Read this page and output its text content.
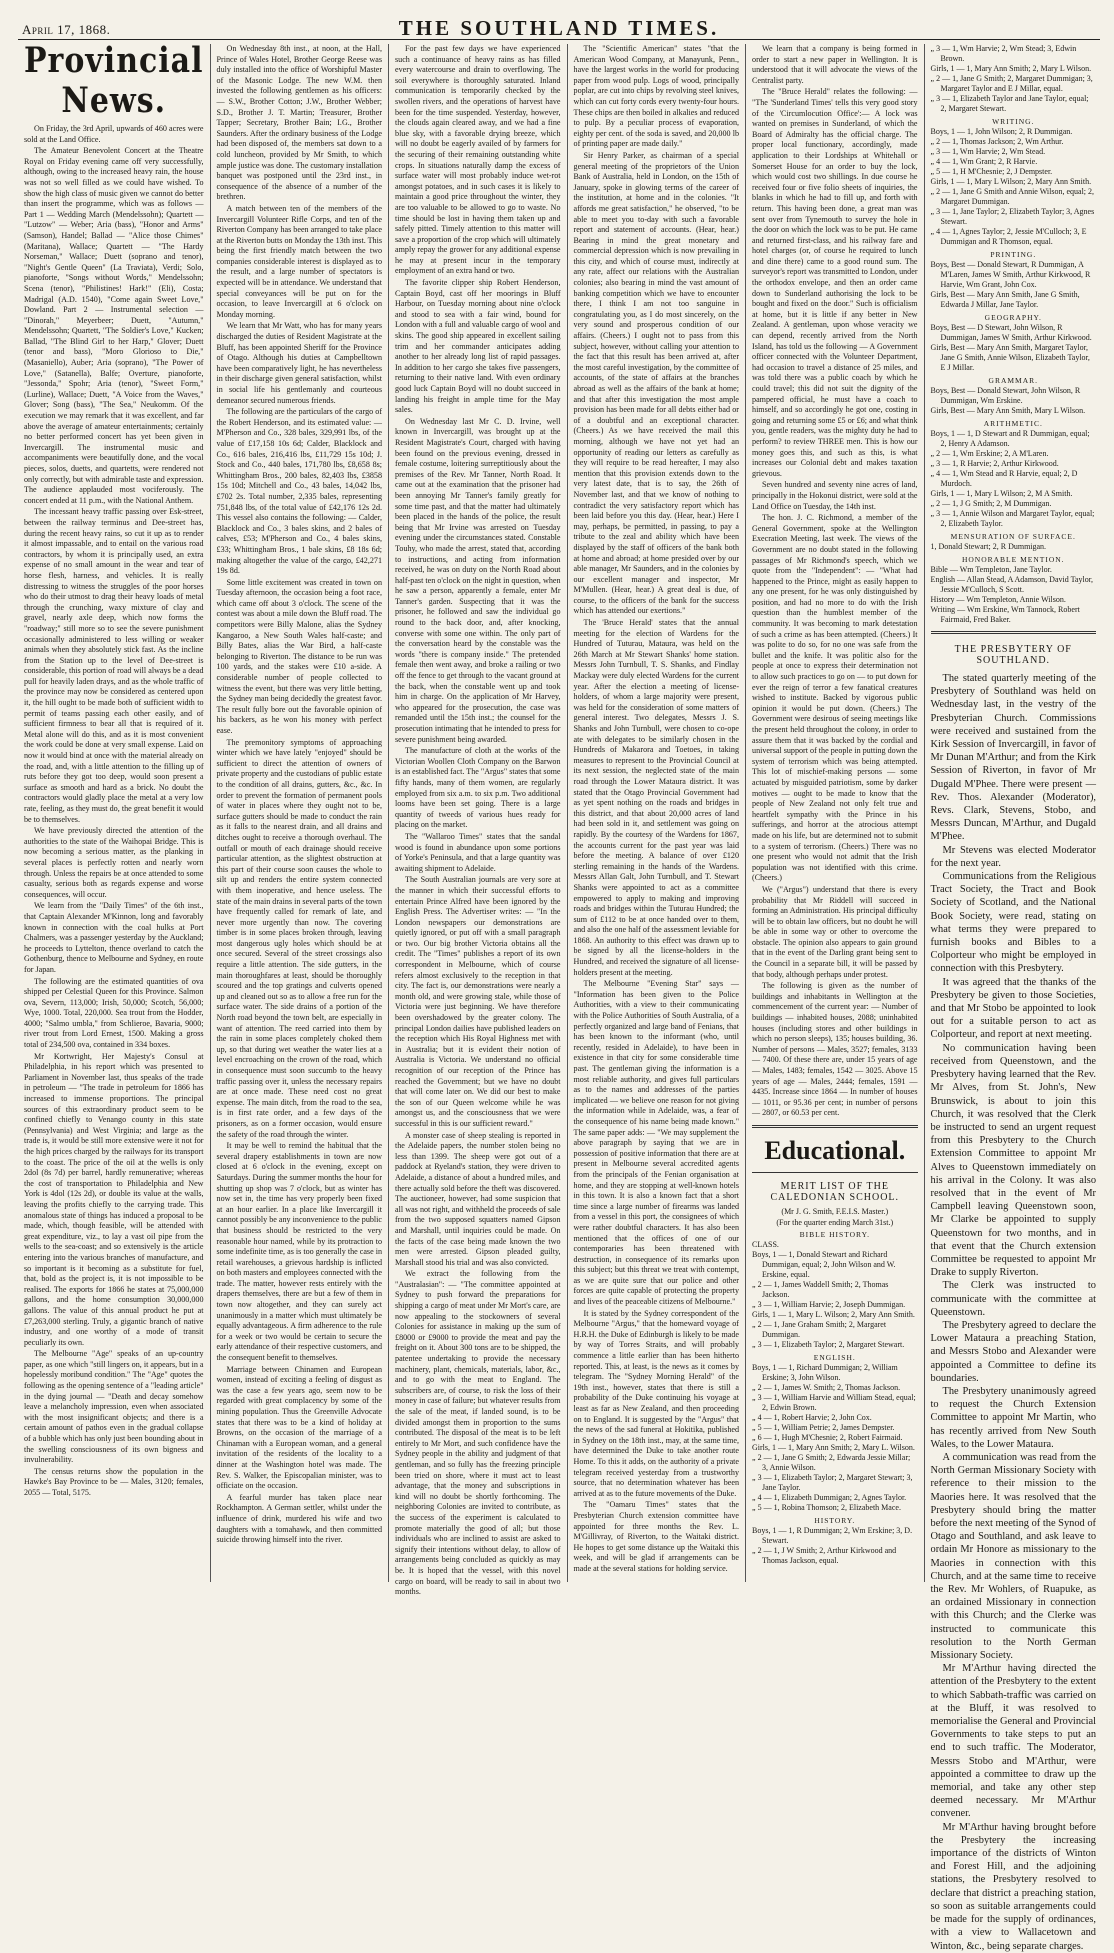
April 17, 1868.	THE SOUTHLAND TIMES.
Provincial News.
On Friday, the 3rd April, upwards of 460 acres were sold at the Land Office.
The Amateur Benevolent Concert at the Theatre Royal on Friday evening came off very successfully, although, owing to the increased heavy rain, the house was not so well filled as we could have wished. To show the high class of music given we cannot do better than insert the programme, which was as follows — Part 1 — Wedding March (Mendelssohn); Quartett — "Lutzow" — Weber; Aria (bass), "Honor and Arms" (Samson), Handel; Ballad — "Alice those Chimes" (Maritana), Wallace; Quartett — "The Hardy Norseman," Wallace; Duett (soprano and tenor), "Night's Gentle Queen" (La Traviata), Verdi; Solo, pianoforte, "Songs without Words," Mendelssohn; Scena (tenor), "Philistines! Hark!" (Eli), Costa; Madrigal (A.D. 1540), "Come again Sweet Love," Dowland. Part 2 — Instrumental selection — "Dinorah," Meyerbeer; Duett, "Autumn," Mendelssohn; Quartett, "The Soldier's Love," Kucken; Ballad, "The Blind Girl to her Harp," Glover; Duett (tenor and bass), "Moro Glorioso to Die," (Masaniello), Auber; Aria (soprano), "The Power of Love," (Satanella), Balfe; Overture, pianoforte, "Jessonda," Spohr; Aria (tenor), "Sweet Form," (Lurline), Wallace; Duett, "A Voice from the Waves," Glover; Song (bass), "The Sea," Neukomm. Of the execution we may remark that it was excellent, and far above the average of amateur entertainments; certainly no better performed concert has yet been given in Invercargill. The instrumental music and accompaniments were beautifully done, and the vocal pieces, solos, duetts, and quartetts, were rendered not only correctly, but with admirable taste and expression. The audience applauded most vociferously. The concert ended at 11 p.m., with the National Anthem.
The incessant heavy traffic passing over Esk-street, between the railway terminus and Dee-street has, during the recent heavy rains, so cut it up as to render it almost impassable, and to entail on the various road contractors, by whom it is principally used, an extra expense of no small amount in the wear and tear of horse flesh, harness, and vehicles. It is really distressing to witness the struggles of the poor horses who do their utmost to drag their heavy loads of metal through the crunching, waxy mixture of clay and gravel, nearly axle deep, which now forms the "roadway;" still more so to see the severe punishment occasionally administered to less willing or weaker animals when they absolutely stick fast. As the incline from the Station up to the level of Dee-street is considerable, this portion of road will always be a dead pull for heavily laden drays, and as the whole traffic of the province may now be considered as centered upon it, the hill ought to be made both of sufficient width to permit of teams passing each other easily, and of sufficient firmness to bear all that is required of it. Metal alone will do this, and as it is most convenient the work could be done at very small expense. Laid on now it would bind at once with the material already on the road, and, with a little attention to the filling up of ruts before they got too deep, would soon present a surface as smooth and hard as a brick. No doubt the contractors would gladly place the metal at a very low rate, feeling, as they must do, the great benefit it would be to themselves.
We have previously directed the attention of the authorities to the state of the Waihopai Bridge. This is now becoming a serious matter, as the planking in several places is perfectly rotten and nearly worn through. Unless the repairs be at once attended to some casualty, serious both as regards expense and worse consequences, will occur.
We learn from the "Daily Times" of the 6th inst., that Captain Alexander M'Kinnon, long and favorably known in connection with the coal hulks at Port Chalmers, was a passenger yesterday by the Auckland; he proceeds to Lyttelton, thence overland to catch the Gothenburg, thence to Melbourne and Sydney, en route for Japan.
The following are the estimated quantities of ova shipped per Celestial Queen for this Province. Salmon ova, Severn, 113,000; Irish, 50,000; Scotch, 56,000; Wye, 1000. Total, 220,000. Sea trout from the Hodder, 4000; "Salmo umbla," from Schlieroe, Bavaria, 9000; river trout from Lord Ernest, 1500. Making a gross total of 234,500 ova, contained in 334 boxes.
Mr Kortwright, Her Majesty's Consul at Philadelphia, in his report which was presented to Parliament in November last, thus speaks of the trade in petroleum — "The trade in petroleum for 1866 has increased to immense proportions. The principal sources of this extraordinary product seem to be confined chiefly to Venango county in this state (Pennsylvania) and West Virginia; and large as the trade is, it would be still more extensive were it not for the high prices charged by the railways for its transport to the coast. The price of the oil at the wells is only 2dol (8s 7d) per barrel, hardly remunerative; whereas the cost of transportation to Philadelphia and New York is 4dol (12s 2d), or double its value at the walls, leaving the profits chiefly to the carrying trade. This anomalous state of things has induced a proposal to be made, which, though feasible, will be attended with great expenditure, viz., to lay a vast oil pipe from the wells to the sea-coast; and so extensively is the article entering into the various branches of manufacture, and so important is it becoming as a substitute for fuel, that, bold as the project is, it is not impossible to be realised. The exports for 1866 he states at 75,000,000 gallons, and the home consumption 30,000,000 gallons. The value of this annual product he put at £7,263,000 sterling. Truly, a gigantic branch of native industry, and one worthy of a mode of transit peculiarly its own.
The Melbourne "Age" speaks of an up-country paper, as one which "still lingers on, it appears, but in a hopelessly moribund condition." The "Age" quotes the following as the opening sentence of a "leading article" in the dying journal — "Death and decay somehow leave a melancholy impression, even when associated with the most insignificant objects; and there is a certain amount of pathos even in the gradual collapse of a bubble which has only just been bounding about in the swelling consciousness of its own bigness and invulnerability.
The census returns show the population in the Hawke's Bay Province to be — Males, 3120; females, 2055 — Total, 5175.
On Wednesday 8th inst., at noon, at the Hall, Prince of Wales Hotel, Brother George Reese was duly installed into the office of Worshipful Master of the Masonic Lodge. The new W.M. then invested the following gentlemen as his officers: — S.W., Brother Cotton; J.W., Brother Webber; S.D., Brother J. T. Martin; Treasurer, Brother Tapper; Secretary, Brother Bain; I.G., Brother Saunders. After the ordinary business of the Lodge had been disposed of, the members sat down to a cold luncheon, provided by Mr Smith, to which ample justice was done. The customary installation banquet was postponed until the 23rd inst., in consequence of the absence of a number of the brethren.
A match between ten of the members of the Invercargill Volunteer Rifle Corps, and ten of the Riverton Company has been arranged to take place at the Riverton butts on Monday the 13th inst. This being the first friendly match between the two companies considerable interest is displayed as to the result, and a large number of spectators is expected will be in attendance. We understand that special conveyances will be put on for the occasion, to leave Invercargill at 6 o'clock on Monday morning.
We learn that Mr Watt, who has for many years discharged the duties of Resident Magistrate at the Bluff, has been appointed Sheriff for the Province of Otago. Although his duties at Campbelltown have been comparatively light, he has nevertheless in their discharge given general satisfaction, whilst in social life his gentlemanly and courteous demeanor secured numerous friends.
The following are the particulars of the cargo of the Robert Henderson, and its estimated value: — M'Pherson and Co., 328 bales, 329,991 lbs, of the value of £17,158 10s 6d; Calder, Blacklock and Co., 616 bales, 216,416 lbs, £11,729 15s 10d; J. Stock and Co., 440 bales, 171,780 lbs, £8,658 8s; Whittingham Bros., 200 bales, 82,403 lbs, £3858 15s 10d; Mitchell and Co., 43 bales, 14,042 lbs, £702 2s. Total number, 2,335 bales, representing 751,848 lbs, of the total value of £42,176 12s 2d. This vessel also contains the following: — Calder, Blacklock and Co., 3 bales skins, and 2 bales of calves, £53; M'Pherson and Co., 4 bales skins, £33; Whittingham Bros., 1 bale skins, £8 18s 6d; making altogether the value of the cargo, £42,271 19s 8d.
Some little excitement was created in town on Tuesday afternoon, the occasion being a foot race, which came off about 3 o'clock. The scene of the contest was about a mile down the Bluff road. The competitors were Billy Malone, alias the Sydney Kangaroo, a New South Wales half-caste; and Billy Bates, alias the War Bird, a half-caste belonging to Riverton. The distance to be run was 100 yards, and the stakes were £10 a-side. A considerable number of people collected to witness the event, but there was very little betting, the Sydney man being decidedly the greatest favor. The result fully bore out the favorable opinion of his backers, as he won his money with perfect ease.
The premonitory symptoms of approaching winter which we have lately "enjoyed" should be sufficient to direct the attention of owners of private property and the custodians of public estate to the condition of all drains, gutters, &c., &c. In order to prevent the formation of permanent pools of water in places where they ought not to be, surface gutters should be made to conduct the rain as it falls to the nearest drain, and all drains and ditches ought to receive a thorough overhaul. The outfall or mouth of each drainage should receive particular attention, as the slightest obstruction at this part of their course soon causes the whole to silt up and renders the entire system connected with them inoperative, and hence useless. The state of the main drains in several parts of the town have frequently called for remark of late, and never more urgently than now. The covering timber is in some places broken through, leaving most dangerous ugly holes which should be at once secured. Several of the street crossings also require a little attention. The side gutters, in the main thoroughfares at least, should be thoroughly scoured and the top gratings and culverts opened up and cleaned out so as to allow a free run for the surface water. The side drains of a portion of the North road beyond the town belt, are especially in want of attention. The reed carried into them by the rain in some places completely choked them up, so that during wet weather the water lies at a level encroaching on the crown of the road, which in consequence must soon succumb to the heavy traffic passing over it, unless the necessary repairs are at once made. These need cost no great expense. The main ditch, from the road to the sea, is in first rate order, and a few days of the prisoners, as on a former occasion, would ensure the safety of the road through the winter.
It may be well to remind the habitual that the several drapery establishments in town are now closed at 6 o'clock in the evening, except on Saturdays. During the summer months the hour for shutting up shop was 7 o'clock, but as winter has now set in, the time has very properly been fixed at an hour earlier. In a place like Invercargill it cannot possibly be any inconvenience to the public that business should be restricted to the very reasonable hour named, while by its protraction to some indefinite time, as is too generally the case in retail warehouses, a grievous hardship is inflicted on both masters and employees connected with the trade. The matter, however rests entirely with the drapers themselves, there are but a few of them in town now altogether, and they can surely act unanimously in a matter which must ultimately be equally advantageous. A firm adherence to the rule for a week or two would be certain to secure the early attendance of their respective customers, and the consequent benefit to themselves.
Marriage between Chinamen and European women, instead of exciting a feeling of disgust as was the case a few years ago, seem now to be regarded with great complacency by some of the mining population. Thus the Greenville Advocate states that there was to be a kind of holiday at Browns, on the occasion of the marriage of a Chinaman with a European woman, and a general invitation of the residents of the locality to a dinner at the Washington hotel was made. The Rev. S. Walker, the Episcopalian minister, was to officiate on the occasion.
A fearful murder has taken place near Rockhampton. A German settler, whilst under the influence of drink, murdered his wife and two daughters with a tomahawk, and then committed suicide throwing himself into the river.
For the past few days we have experienced such a continuance of heavy rains as has filled every watercourse and drain to overflowing. The soil everywhere is thoroughly saturated. Inland communication is temporarily checked by the swollen rivers, and the operations of harvest have been for the time suspended. Yesterday, however, the clouds again cleared away, and we had a fine blue sky, with a favorable drying breeze, which will no doubt be eagerly availed of by farmers for the securing of their remaining outstanding white crops. In situations naturally damp the excess of surface water will most probably induce wet-rot amongst potatoes, and in such cases it is likely to maintain a good price throughout the winter, they are too valuable to be allowed to go to waste. No time should be lost in having them taken up and safely pitted. Timely attention to this matter will save a proportion of the crop which will ultimately amply repay the grower for any additional expense he may at present incur in the temporary employment of an extra hand or two.
The favorite clipper ship Robert Henderson, Captain Boyd, cast off her moorings in Bluff Harbour, on Tuesday morning about nine o'clock and stood to sea with a fair wind, bound for London with a full and valuable cargo of wool and skins. The good ship appeared in excellent sailing trim and her commander anticipates adding another to her already long list of rapid passages. In addition to her cargo she takes five passengers, returning to their native land. With even ordinary good luck Captain Boyd will no doubt succeed in landing his freight in ample time for the May sales.
On Wednesday last Mr C. D. Irvine, well known in Invercargill, was brought up at the Resident Magistrate's Court, charged with having been found on the previous evening, dressed in female costume, loitering surreptitiously about the premises of the Rev. Mr Tanner, North Road. It came out at the examination that the prisoner had been annoying Mr Tanner's family greatly for some time past, and that the matter had ultimately been placed in the hands of the police, the result being that Mr Irvine was arrested on Tuesday evening under the circumstances stated. Constable Touhy, who made the arrest, stated that, according to instructions, and acting from information received, he was on duty on the North Road about half-past ten o'clock on the night in question, when he saw a person, apparently a female, enter Mr Tanner's garden. Suspecting that it was the prisoner, he followed and saw the individual go round to the back door, and, after knocking, converse with some one within. The only part of the conversation heard by the constable was the words "there is company inside." The pretended female then went away, and broke a railing or two off the fence to get through to the vacant ground at the back, when the constable went up and took him in charge. On the application of Mr Harvey, who appeared for the prosecution, the case was remanded until the 15th inst.; the counsel for the prosecution intimating that he intended to press for severe punishment being awarded.
The manufacture of cloth at the works of the Victorian Woollen Cloth Company on the Barwon is an established fact. The "Argus" states that some fifty hands, many of them women, are regularly employed from six a.m. to six p.m. Two additional looms have been set going. There is a large quantity of tweeds of various hues ready for placing on the market.
The "Wallaroo Times" states that the sandal wood is found in abundance upon some portions of Yorke's Peninsula, and that a large quantity was awaiting shipment to Adelaide.
The South Australian journals are very sore at the manner in which their successful efforts to entertain Prince Alfred have been ignored by the English Press. The Advertiser writes: — "In the London newspapers our demonstrations are quietly ignored, or put off with a small paragraph or two. Our big brother Victoria obtains all the credit. The "Times" publishes a report of its own correspondent in Melbourne, which of course refers almost exclusively to the reception in that city. The fact is, our demonstrations were nearly a month old, and were growing stale, while those of Victoria were just beginning. We have therefore been overshadowed by the greater colony. The principal London dailies have published leaders on the reception which His Royal Highness met with in Australia; but it is evident their notion of Australia is Victoria. We understand no official recognition of our reception of the Prince has reached the Government; but we have no doubt that will come later on. We did our best to make the son of our Queen welcome while he was amongst us, and the consciousness that we were successful in this is our sufficient reward."
A monster case of sheep stealing is reported in the Adelaide papers, the number stolen being no less than 1399. The sheep were got out of a paddock at Ryeland's station, they were driven to Adelaide, a distance of about a hundred miles, and there actually sold before the theft was discovered. The auctioneer, however, had some suspicion that all was not right, and withheld the proceeds of sale from the two supposed squatters named Gipson and Marshall, until inquiries could be made. On the facts of the case being made known the two men were arrested. Gipson pleaded guilty, Marshall stood his trial and was also convicted.
We extract the following from the "Australasian": — "The committee appointed at Sydney to push forward the preparations for shipping a cargo of meat under Mr Mort's care, are now appealing to the stockowners of several Colonies for assistance in making up the sum of £8000 or £9000 to provide the meat and pay the freight on it. About 300 tons are to be shipped, the patentee undertaking to provide the necessary machinery, plant, chemicals, materials, labor, &c., and to go with the meat to England. The subscribers are, of course, to risk the loss of their money in case of failure; but whatever results from the sale of the meat, if landed sound, is to be divided amongst them in proportion to the sums contributed. The disposal of the meat is to be left entirely to Mr Mort, and such confidence have the Sydney people in the ability and judgment of that gentleman, and so fully has the freezing principle been tried on shore, where it must act to least advantage, that the money and subscriptions in kind will no doubt be shortly forthcoming. The neighboring Colonies are invited to contribute, as the success of the experiment is calculated to promote materially the good of all; but those individuals who are inclined to assist are asked to signify their intentions without delay, to allow of arrangements being concluded as quickly as may be. It is hoped that the vessel, with this novel cargo on board, will be ready to sail in about two months.
The "Scientific American" states "that the American Wood Company, at Manayunk, Penn., have the largest works in the world for producing paper from wood pulp. Logs of wood, principally poplar, are cut into chips by revolving steel knives, which can cut forty cords every twenty-four hours. These chips are then boiled in alkalies and reduced to pulp. By a peculiar process of evaporation, eighty per cent. of the soda is saved, and 20,000 lb of printing paper are made daily."
Sir Henry Parker, as chairman of a special general meeting of the proprietors of the Union Bank of Australia, held in London, on the 15th of January, spoke in glowing terms of the career of the institution, at home and in the colonies. "It affords me great satisfaction," he observed, "to be able to meet you to-day with such a favorable report and statement of accounts. (Hear, hear.) Bearing in mind the great monetary and commercial depression which is now prevailing in this city, and which of course must, indirectly at any rate, affect our relations with the Australian colonies; also bearing in mind the vast amount of banking competition which we have to encounter there, I think I am not too sanguine in congratulating you, as I do most sincerely, on the very sound and prosperous condition of our affairs. (Cheers.) I ought not to pass from this subject, however, without calling your attention to the fact that this result has been arrived at, after the most careful investigation, by the committee of accounts, of the state of affairs at the branches abroad as well as the affairs of the bank at home; and that after this investigation the most ample provision has been made for all debts either bad or of a doubtful and an exceptional character. (Cheers.) As we have received the mail this morning, although we have not yet had an opportunity of reading our letters as carefully as they will require to be read hereafter, I may also mention that this provision extends down to the very latest date, that is to say, the 26th of November last, and that we know of nothing to contradict the very satisfactory report which has been laid before you this day. (Hear, hear.) Here I may, perhaps, be permitted, in passing, to pay a tribute to the zeal and ability which have been displayed by the staff of officers of the bank both at home and abroad; at home presided over by our able manager, Mr Saunders, and in the colonies by our excellent manager and inspector, Mr M'Mullen. (Hear, hear.) A great deal is due, of course, to the officers of the bank for the success which has attended our exertions."
The 'Bruce Herald' states that the annual meeting for the election of Wardens for the Hundred of Tuturau, Mataura, was held on the 26th March at Mr Stewart Shanks' home station. Messrs John Turnbull, T. S. Shanks, and Findlay Mackay were duly elected Wardens for the current year. After the election a meeting of license-holders, of whom a large majority were present, was held for the consideration of some matters of general interest. Two delegates, Messrs J. S. Shanks and John Turnbull, were chosen to co-ope ate with delegates to be similarly chosen in the Hundreds of Makarora and Toetoes, in taking measures to represent to the Provincial Council at its next session, the neglected state of the main road through the Lower Mataura district. It was stated that the Otago Provincial Government had as yet spent nothing on the roads and bridges in this district, and that about 20,000 acres of land had been sold in it, and settlement was going on rapidly. By the courtesy of the Wardens for 1867, the accounts current for the past year was laid before the meeting. A balance of over £120 sterling remaining in the hands of the Wardens. Messrs Allan Galt, John Turnbull, and T. Stewart Shanks were appointed to act as a committee empowered to apply to making and improving roads and bridges within the Tuturau Hundred; the sum of £112 to be at once handed over to them, and also the one half of the assessment leviable for 1868. An authority to this effect was drawn up to be signed by all the license-holders in the Hundred, and received the signature of all license-holders present at the meeting.
The Melbourne "Evening Star" says — "Information has been given to the Police Authorities, with a view to their communicating with the Police Authorities of South Australia, of a perfectly organized and large band of Fenians, that has been known to the informant (who, until recently, resided in Adelaide), to have been in existence in that city for some considerable time past. The gentleman giving the information is a most reliable authority, and gives full particulars as to the names and addresses of the parties implicated — we believe one reason for not giving the information while in Adelaide, was, a fear of the consequence of his name being made known." The same paper adds: — "We may supplement the above paragraph by saying that we are in possession of positive information that there are at present in Melbourne several accredited agents from the principals of the Fenian organisation at home, and they are stopping at well-known hotels in this town. It is also a known fact that a short time since a large number of firearms was landed from a vessel in this port, the consignees of which were rather doubtful characters. It has also been mentioned that the offices of one of our contemporaries has been threatened with destruction, in consequence of its remarks upon this subject; but this threat we treat with contempt, as we are quite sure that our police and other forces are quite capable of protecting the property and lives of the peaceable citizens of Melbourne."
It is stated by the Sydney correspondent of the Melbourne "Argus," that the homeward voyage of H.R.H. the Duke of Edinburgh is likely to be made by way of Torres Straits, and will probably commence a little earlier than has been hitherto reported. This, at least, is the news as it comes by telegram. The "Sydney Morning Herald" of the 19th inst., however, states that there is still a probability of the Duke continuing his voyage at least as far as New Zealand, and then proceeding on to England. It is suggested by the "Argus" that the news of the sad funeral at Hokitika, published in Sydney on the 18th inst., may, at the same time, have determined the Duke to take another route Home. To this it adds, on the authority of a private telegram received yesterday from a trustworthy source, that no determination whatever has been arrived at as to the future movements of the Duke.
The "Oamaru Times" states that the Presbyterian Church extension committee have appointed for three months the Rev. L. M'Gillivray, of Riverton, to the Waitaki district. He hopes to get some distance up the Waitaki this week, and will be glad if arrangements can be made at the several stations for holding service.
We learn that a company is being formed in order to start a new paper in Wellington. It is understood that it will advocate the views of the Centralist party.
The "Bruce Herald" relates the following: — "The 'Sunderland Times' tells this very good story of the 'Circumlocution Office':— A lock was wanted on premises in Sunderland, of which the Board of Admiralty has the official charge. The proper local functionary, accordingly, made application to their Lordships at Whitehall or Somerset House for an order to buy the lock, which would cost two shillings. In due course he received four or five folio sheets of inquiries, the blanks in which he had to fill up, and forth with return. This having been done, a great man was sent over from Tynemouth to survey the hole in the door on which the lock was to be put. He came and returned first-class, and his railway fare and hotel charges (or, of course he required to lunch and dine there) came to a good round sum. The surveyor's report was transmitted to London, under the orthodox envelope, and then an order came down to Sunderland authorising the lock to be bought and fixed on the door." Such is officialism at home, but it is little if any better in New Zealand. A gentleman, upon whose veracity we can depend, recently arrived from the North Island, has told us the following — A Government officer connected with the Volunteer Department, had occasion to travel a distance of 25 miles, and was told there was a public coach by which he could travel; this did not suit the dignity of the pampered official, he must have a coach to himself, and so accordingly he got one, costing in going and returning some £5 or £6; and what think you, gentle readers, was the mighty duty he had to perform? to review THREE men. This is how our money goes this, and such as this, is what increases our Colonial debt and makes taxation grievous.
Seven hundred and seventy nine acres of land, principally in the Hokonui district, were sold at the Land Office on Tuesday, the 14th inst.
The hon. J. C. Richmond, a member of the General Government, spoke at the Wellington Execration Meeting, last week. The views of the Government are no doubt stated in the following passages of Mr Richmond's speech, which we quote from the "Independent": — "What had happened to the Prince, might as easily happen to any one present, for he was only distinguished by position, and had no more to do with the Irish question than the humblest member of the community. It was becoming to mark detestation of such a crime as has been attempted. (Cheers.) It was polite to do so, for no one was safe from the bullet and the knife. It was politic also for the people at once to express their determination not to allow such practices to go on — to put down for ever the reign of terror a few fanatical creatures wished to institute. Backed by vigorous public opinion it would be put down. (Cheers.) The Government were desirous of seeing meetings like the present held throughout the colony, in order to assure them that it was backed by the cordial and universal support of the people in putting down the system of terrorism which was being attempted. This lot of mischief-making persons — some actuated by misguided patriotism, some by darker motives — ought to be made to know that the people of New Zealand not only felt true and heartfelt sympathy with the Prince in his sufferings, and horror at the atrocious attempt made on his life, but are determined not to submit to a system of terrorism. (Cheers.) There was no one present who would not admit that the Irish population was not identified with this crime. (Cheers.)
We ("Argus") understand that there is every probability that Mr Riddell will succeed in forming an Administration. His principal difficulty will be to obtain law officers, but no doubt he will be able in some way or other to overcome the obstacle. The opinion also appears to gain ground that in the event of the Darling grant being sent to the Council in a separate bill, it will be passed by that body, although perhaps under protest.
The following is given as the number of buildings and inhabitants in Wellington at the commencement of the current year: — Number of buildings — inhabited houses, 2088; uninhabited houses (including stores and other buildings in which no person sleeps), 135; houses building, 36. Number of persons — Males, 3527; females, 3133 — 7400. Of these there are, under 15 years of age — Males, 1483; females, 1542 — 3025. Above 15 years of age — Males, 2444; females, 1591 — 4435. Increase since 1864 — In number of houses — 1011, or 95.36 per cent; in number of persons — 2807, or 60.53 per cent.
Educational.
MERIT LIST OF THE CALEDONIAN SCHOOL.
(Mr J. G. Smith, F.E.I.S. Master.)
(For the quarter ending March 31st.)
BIBLE HISTORY.
CLASS.
Boys, 1 — 1, Donald Stewart and Richard Dummigan, equal; 2, John Wilson and W. Erskine, equal.
„ 2 — 1, James Waddell Smith; 2, Thomas Jackson.
„ 3 — 1, William Harvie; 2, Joseph Dummigan.
Girls, 1 — 1, Mary L. Wilson; 2, Mary Ann Smith.
„ 2 — 1, Jane Graham Smith; 2, Margaret Dummigan.
„ 3 — 1, Elizabeth Taylor; 2, Margaret Stewart.
ENGLISH.
Boys, 1 — 1, Richard Dummigan; 2, William Erskine; 3, John Wilson.
„ 2 — 1, James W. Smith; 2, Thomas Jackson.
„ 3 — 1, William Harvie and William Stead, equal; 2, Edwin Brown.
„ 4 — 1, Robert Harvie; 2, John Cox.
„ 5 — 1, William Petrie; 2, James Dempster.
„ 6 — 1, Hugh M'Chesnie; 2, Robert Fairmaid.
Girls, 1 — 1, Mary Ann Smith; 2, Mary L. Wilson.
„ 2 — 1, Jane G Smith; 2, Edwarda Jessie Millar; 3, Annie Wilson.
„ 3 — 1, Elizabeth Taylor; 2, Margaret Stewart; 3, Jane Taylor.
„ 4 — 1, Elizabeth Dummigan; 2, Agnes Taylor.
„ 5 — 1, Robina Thomson; 2, Elizabeth Mace.
HISTORY.
Boys, 1 — 1, R Dummigan; 2, Wm Erskine; 3, D. Stewart.
„ 2 — 1, J W Smith; 2, Arthur Kirkwood and Thomas Jackson, equal.
„ 3 — 1, Wm Harvie; 2, Wm Stead; 3, Edwin Brown.
Girls, 1 — 1, Mary Ann Smith; 2, Mary L Wilson.
„ 2 — 1, Jane G Smith; 2, Margaret Dummigan; 3, Margaret Taylor and E J Millar, equal.
„ 3 — 1, Elizabeth Taylor and Jane Taylor, equal; 2, Margaret Stewart.
WRITING.
Boys, 1 — 1, John Wilson; 2, R Dummigan.
„ 2 — 1, Thomas Jackson; 2, Wm Arthur.
„ 3 — 1, Wm Harvie; 2, Wm Stead.
„ 4 — 1, Wm Grant; 2, R Harvie.
„ 5 — 1, H M'Chesnie; 2, J Dempster.
Girls, 1 — 1, Mary L Wilson; 2, Mary Ann Smith.
„ 2 — 1, Jane G Smith and Annie Wilson, equal; 2, Margaret Dummigan.
„ 3 — 1, Jane Taylor; 2, Elizabeth Taylor; 3, Agnes Stewart.
„ 4 — 1, Agnes Taylor; 2, Jessie M'Culloch; 3, E Dummigan and R Thomson, equal.
PRINTING.
Boys, Best — Donald Stewart, R Dummigan, A M'Laren, James W Smith, Arthur Kirkwood, R Harvie, Wm Grant, John Cox.
Girls, Best — Mary Ann Smith, Jane G Smith, Edwarda J Millar, Jane Taylor.
GEOGRAPHY.
Boys, Best — D Stewart, John Wilson, R Dummigan, James W Smith, Arthur Kirkwood.
Girls, Best — Mary Ann Smith, Margaret Taylor, Jane G Smith, Annie Wilson, Elizabeth Taylor, E J Millar.
GRAMMAR.
Boys, Best — Donald Stewart, John Wilson, R Dummigan, Wm Erskine.
Girls, Best — Mary Ann Smith, Mary L Wilson.
ARITHMETIC.
Boys, 1 — 1, D Stewart and R Dummigan, equal; 2, Henry A Adamson.
„ 2 — 1, Wm Erskine; 2, A M'Laren.
„ 3 — 1, R Harvie; 2, Arthur Kirkwood.
„ 4 — 1, Wm Stead and R Harvie, equal; 2, D Murdoch.
Girls, 1 — 1, Mary L Wilson; 2, M A Smith.
„ 2 — 1, J G Smith; 2, M Dummigan.
„ 3 — 1, Annie Wilson and Margaret Taylor, equal; 2, Elizabeth Taylor.
MENSURATION OF SURFACE.
1, Donald Stewart; 2, R Dummigan.
HONORABLE MENTION.
Bible — Wm Templeton, Jane Taylor.
English — Allan Stead, A Adamson, David Taylor, Jessie M'Culloch, S Scott.
History — Wm Templeton, Annie Wilson.
Writing — Wm Erskine, Wm Tannock, Robert Fairmaid, Fred Baker.
THE PRESBYTERY OF SOUTHLAND.
The stated quarterly meeting of the Presbytery of Southland was held on Wednesday last, in the vestry of the Presbyterian Church. Commissions were received and sustained from the Kirk Session of Invercargill, in favor of Mr Dunan M'Arthur; and from the Kirk Session of Riverton, in favor of Mr Dugald M'Phee. There were present — Rev. Thos. Alexander (Moderator), Revs. Clark, Stevens, Stobo, and Messrs Duncan, M'Arthur, and Dugald M'Phee.
Mr Stevens was elected Moderator for the next year.
Communications from the Religious Tract Society, the Tract and Book Society of Scotland, and the National Book Society, were read, stating on what terms they were prepared to furnish books and Bibles to a Colporteur who might be employed in connection with this Presbytery.
It was agreed that the thanks of the Presbytery be given to those Societies, and that Mr Stobo be appointed to look out for a suitable person to act as Colporteur, and report at next meeting.
No communication having been received from Queenstown, and the Presbytery having learned that the Rev. Mr Alves, from St. John's, New Brunswick, is about to join this Church, it was resolved that the Clerk be instructed to send an urgent request from this Presbytery to the Church Extension Committee to appoint Mr Alves to Queenstown immediately on his arrival in the Colony. It was also resolved that in the event of Mr Campbell leaving Queenstown soon, Mr Clarke be appointed to supply Queenstown for two months, and in that event that the Church extension Committee be requested to appoint Mr Drake to supply Riverton.
The Clerk was instructed to communicate with the committee at Queenstown.
The Presbytery agreed to declare the Lower Mataura a preaching Station, and Messrs Stobo and Alexander were appointed a Committee to define its boundaries.
The Presbytery unanimously agreed to request the Church Extension Committee to appoint Mr Martin, who has recently arrived from New South Wales, to the Lower Mataura.
A communication was read from the North German Missionary Society with reference to their mission to the Maories here. It was resolved that the Presbytery should bring the matter before the next meeting of the Synod of Otago and Southland, and ask leave to ordain Mr Honore as missionary to the Maories in connection with this Church, and at the same time to receive the Rev. Mr Wohlers, of Ruapuke, as an ordained Missionary in connection with this Church; and the Clerke was instructed to communicate this resolution to the North German Missionary Society.
Mr M'Arthur having directed the attention of the Presbytery to the extent to which Sabbath-traffic was carried on at the Bluff, it was resolved to memorialise the General and Provincial Governments to take steps to put an end to such traffic. The Moderator, Messrs Stobo and M'Arthur, were appointed a committee to draw up the memorial, and take any other step deemed necessary. Mr M'Arthur convener.
Mr M'Arthur having brought before the Presbytery the increasing importance of the districts of Winton and Forest Hill, and the adjoining stations, the Presbytery resolved to declare that district a preaching station, so soon as suitable arrangements could be made for the supply of ordinances, with a view to Wallacetown and Winton, &c., being separate charges.
